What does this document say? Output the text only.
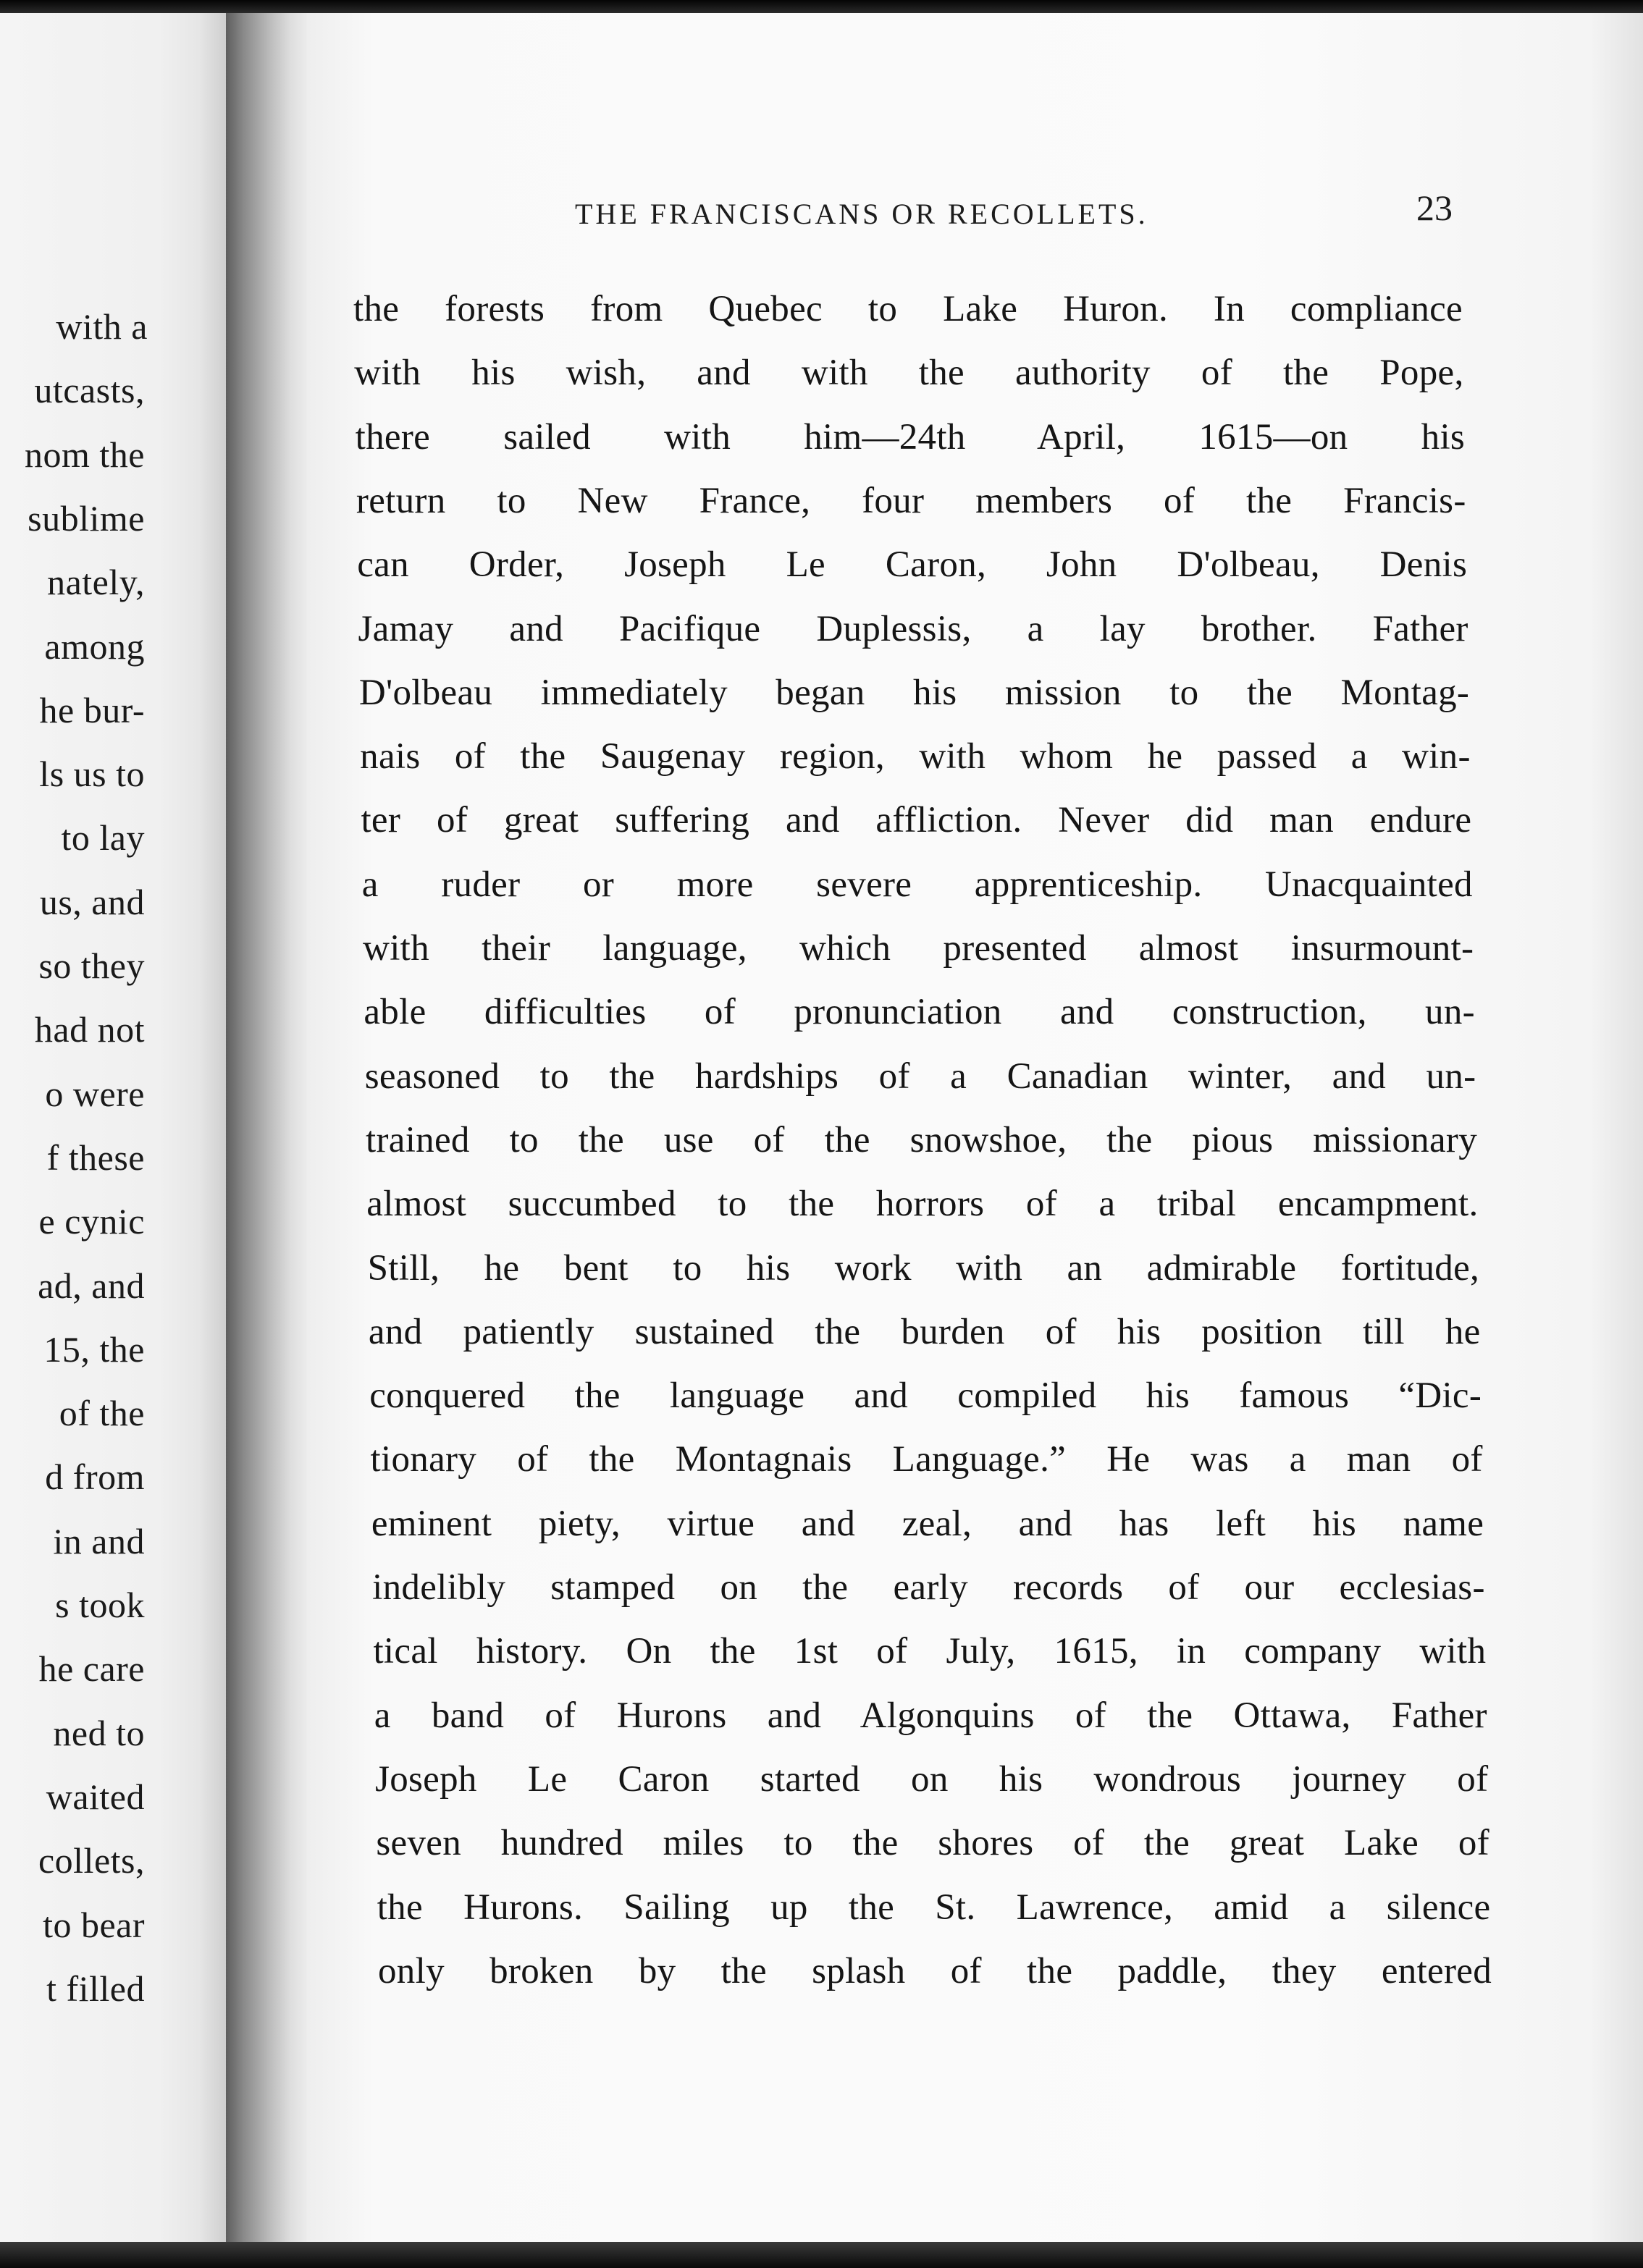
with a
utcasts,
nom the
sublime
nately,
among
he bur-
ls us to
to lay
us, and
so they
had not
o were
f these
e cynic
ad, and
15, the
of the
d from
in and
s took
he care
ned to
waited
collets,
to bear
t filled
THE FRANCISCANS OR RECOLLETS.	23
the forests from Quebec to Lake Huron. In compliance
with his wish, and with the authority of the Pope,
there sailed with him—24th April, 1615—on his
return to New France, four members of the Francis-
can Order, Joseph Le Caron, John D'olbeau, Denis
Jamay and Pacifique Duplessis, a lay brother. Father
D'olbeau immediately began his mission to the Montag-
nais of the Saugenay region, with whom he passed a win-
ter of great suffering and affliction. Never did man endure
a ruder or more severe apprenticeship. Unacquainted
with their language, which presented almost insurmount-
able difficulties of pronunciation and construction, un-
seasoned to the hardships of a Canadian winter, and un-
trained to the use of the snowshoe, the pious missionary
almost succumbed to the horrors of a tribal encampment.
Still, he bent to his work with an admirable fortitude,
and patiently sustained the burden of his position till he
conquered the language and compiled his famous “Dic-
tionary of the Montagnais Language.” He was a man of
eminent piety, virtue and zeal, and has left his name
indelibly stamped on the early records of our ecclesias-
tical history. On the 1st of July, 1615, in company with
a band of Hurons and Algonquins of the Ottawa, Father
Joseph Le Caron started on his wondrous journey of
seven hundred miles to the shores of the great Lake of
the Hurons. Sailing up the St. Lawrence, amid a silence
only broken by the splash of the paddle, they entered
